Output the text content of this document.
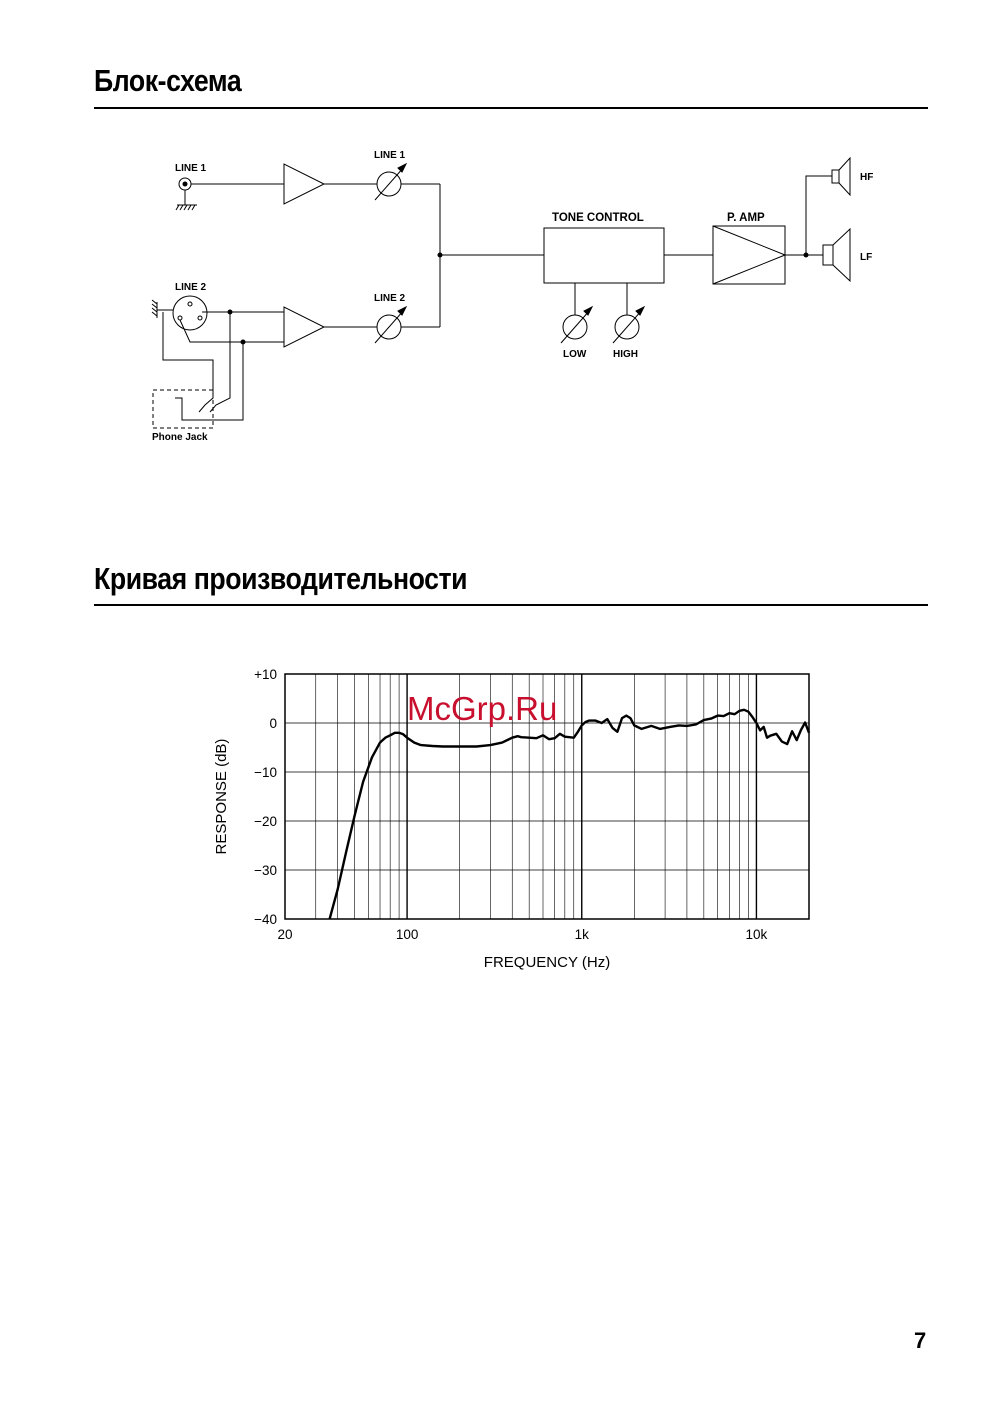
Блок-схема
LINE 1
LINE 1
LINE 2
LINE 2
TONE CONTROL	P. AMP
LOW	HIGH
HF
LF
Phone Jack
Кривая производительности
+10
0
−10
−20
−30
−40
20	100	1k	10k
FREQUENCY (Hz)
RESPONSE (dB)
McGrp.Ru
7
